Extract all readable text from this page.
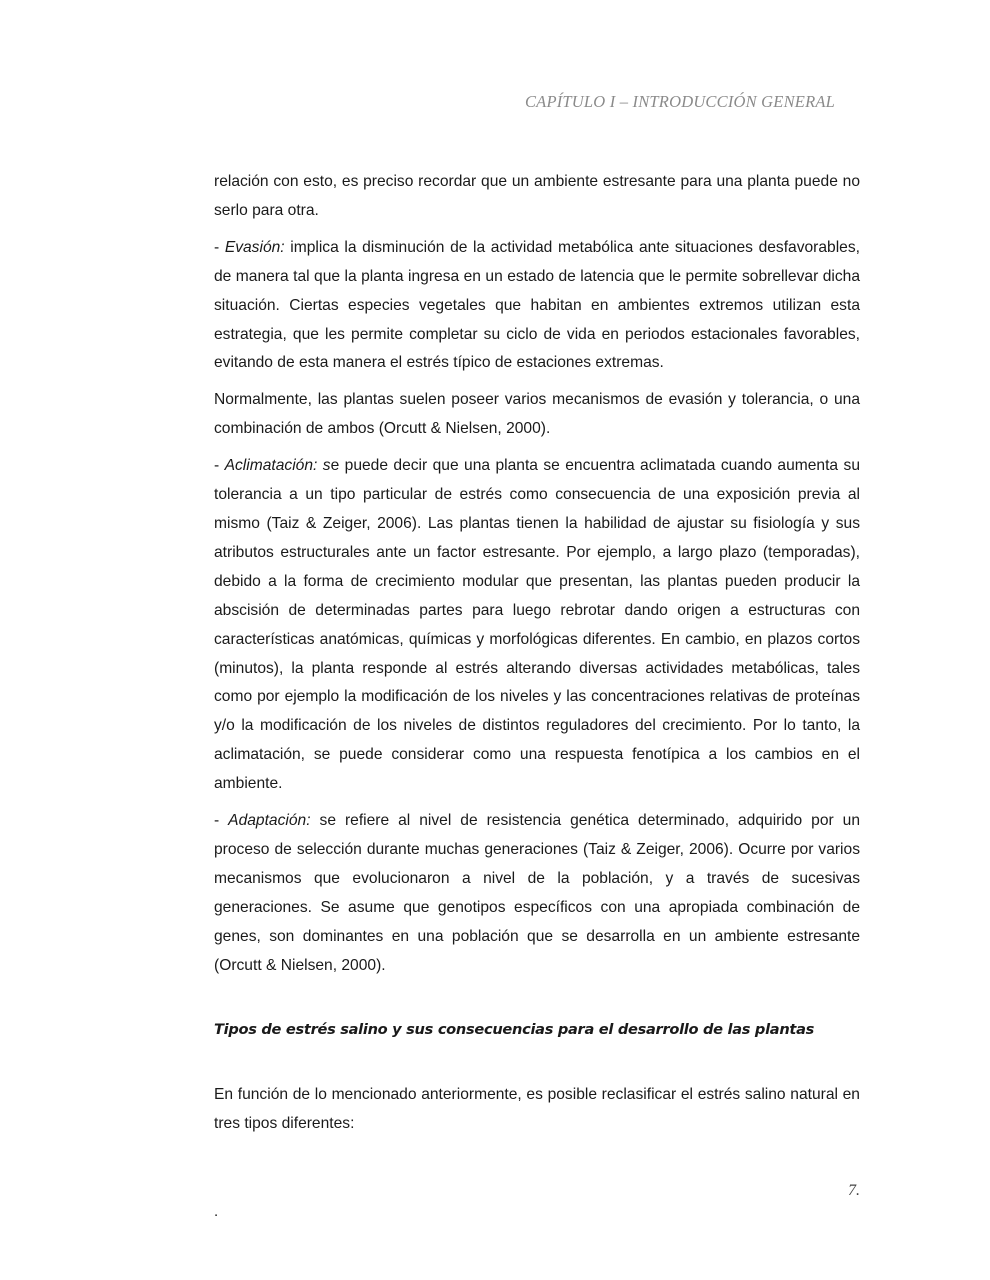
CAPÍTULO I – INTRODUCCIÓN GENERAL

relación con esto, es preciso recordar que un ambiente estresante para una planta puede no serlo para otra.

- Evasión: implica la disminución de la actividad metabólica ante situaciones desfavorables, de manera tal que la planta ingresa en un estado de latencia que le permite sobrellevar dicha situación. Ciertas especies vegetales que habitan en ambientes extremos utilizan esta estrategia, que les permite completar su ciclo de vida en periodos estacionales favorables, evitando de esta manera el estrés típico de estaciones extremas.

Normalmente, las plantas suelen poseer varios mecanismos de evasión y tolerancia, o una combinación de ambos (Orcutt & Nielsen, 2000).

- Aclimatación: se puede decir que una planta se encuentra aclimatada cuando aumenta su tolerancia a un tipo particular de estrés como consecuencia de una exposición previa al mismo (Taiz & Zeiger, 2006). Las plantas tienen la habilidad de ajustar su fisiología y sus atributos estructurales ante un factor estresante. Por ejemplo, a largo plazo (temporadas), debido a la forma de crecimiento modular que presentan, las plantas pueden producir la abscisión de determinadas partes para luego rebrotar dando origen a estructuras con características anatómicas, químicas y morfológicas diferentes. En cambio, en plazos cortos (minutos), la planta responde al estrés alterando diversas actividades metabólicas, tales como por ejemplo la modificación de los niveles y las concentraciones relativas de proteínas y/o la modificación de los niveles de distintos reguladores del crecimiento. Por lo tanto, la aclimatación, se puede considerar como una respuesta fenotípica a los cambios en el ambiente.

- Adaptación: se refiere al nivel de resistencia genética determinado, adquirido por un proceso de selección durante muchas generaciones (Taiz & Zeiger, 2006). Ocurre por varios mecanismos que evolucionaron a nivel de la población, y a través de sucesivas generaciones. Se asume que genotipos específicos con una apropiada combinación de genes, son dominantes en una población que se desarrolla en un ambiente estresante (Orcutt & Nielsen, 2000).

Tipos de estrés salino y sus consecuencias para el desarrollo de las plantas

En función de lo mencionado anteriormente, es posible reclasificar el estrés salino natural en tres tipos diferentes:

7.
.
